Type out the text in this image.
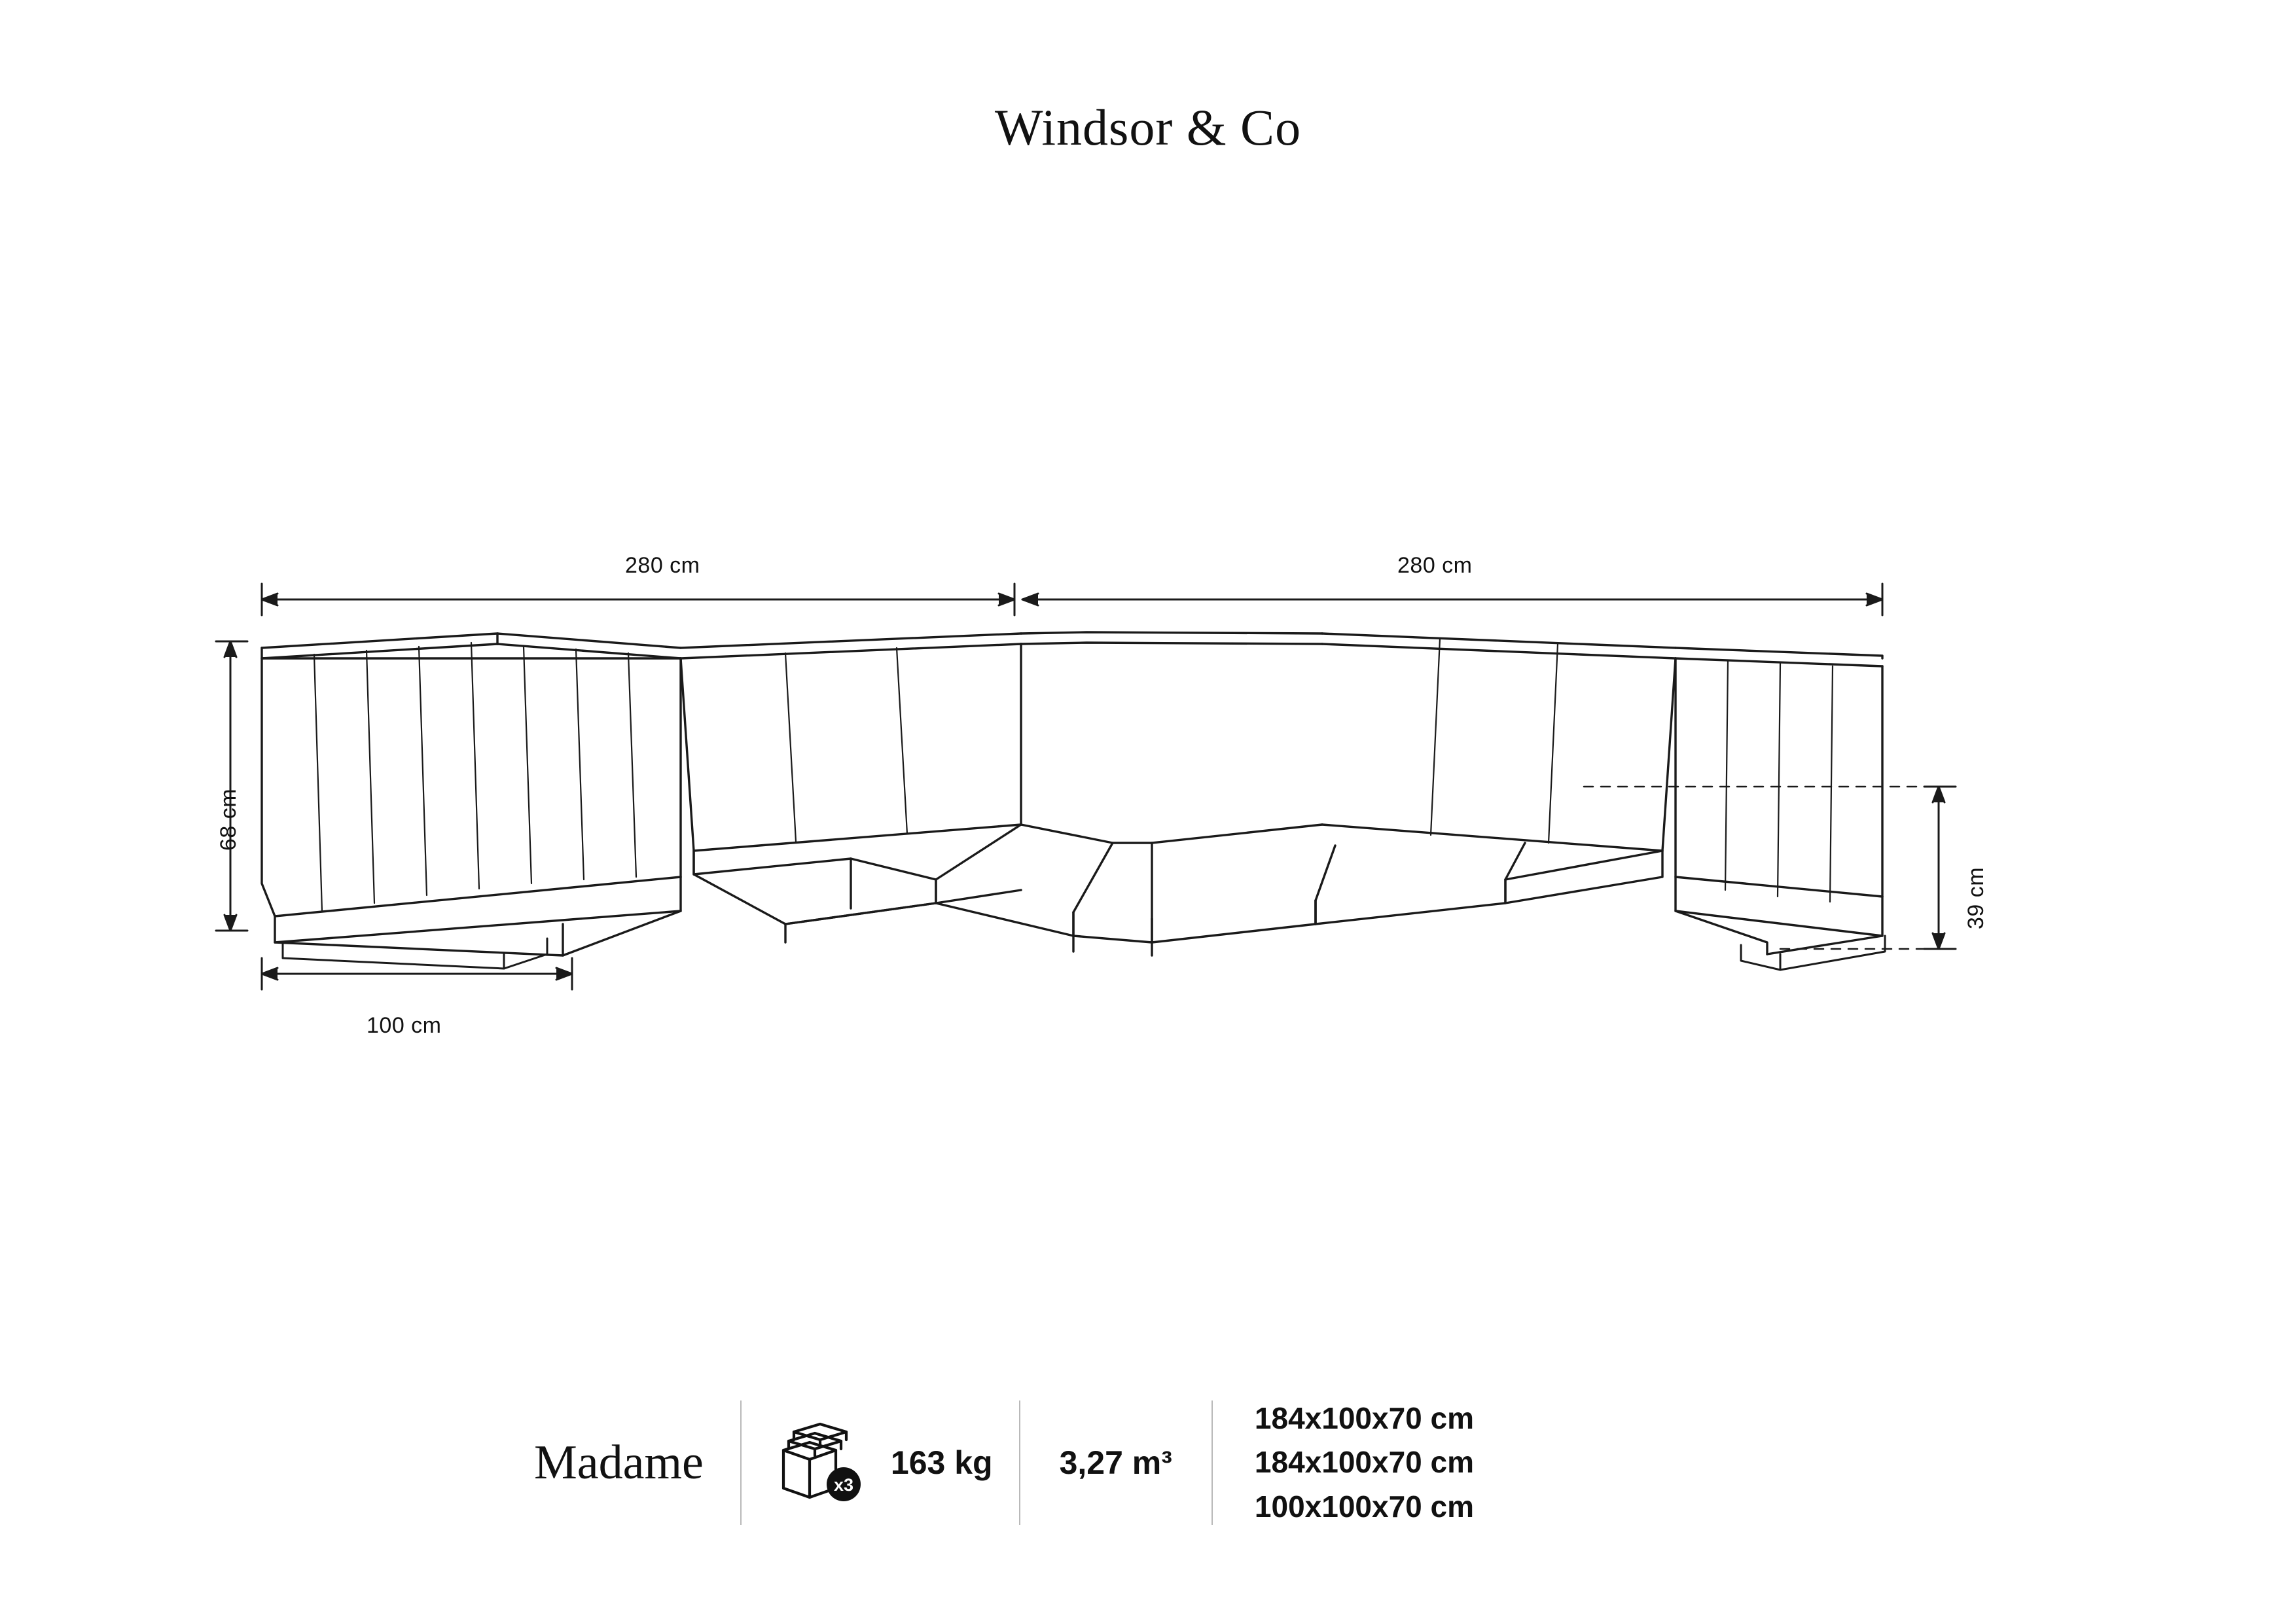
Windsor & Co
280 cm	280 cm
100 cm
68 cm
39 cm
Madame	x3
163 kg	3,27 m³
184x100x70 cm
184x100x70 cm
100x100x70 cm
